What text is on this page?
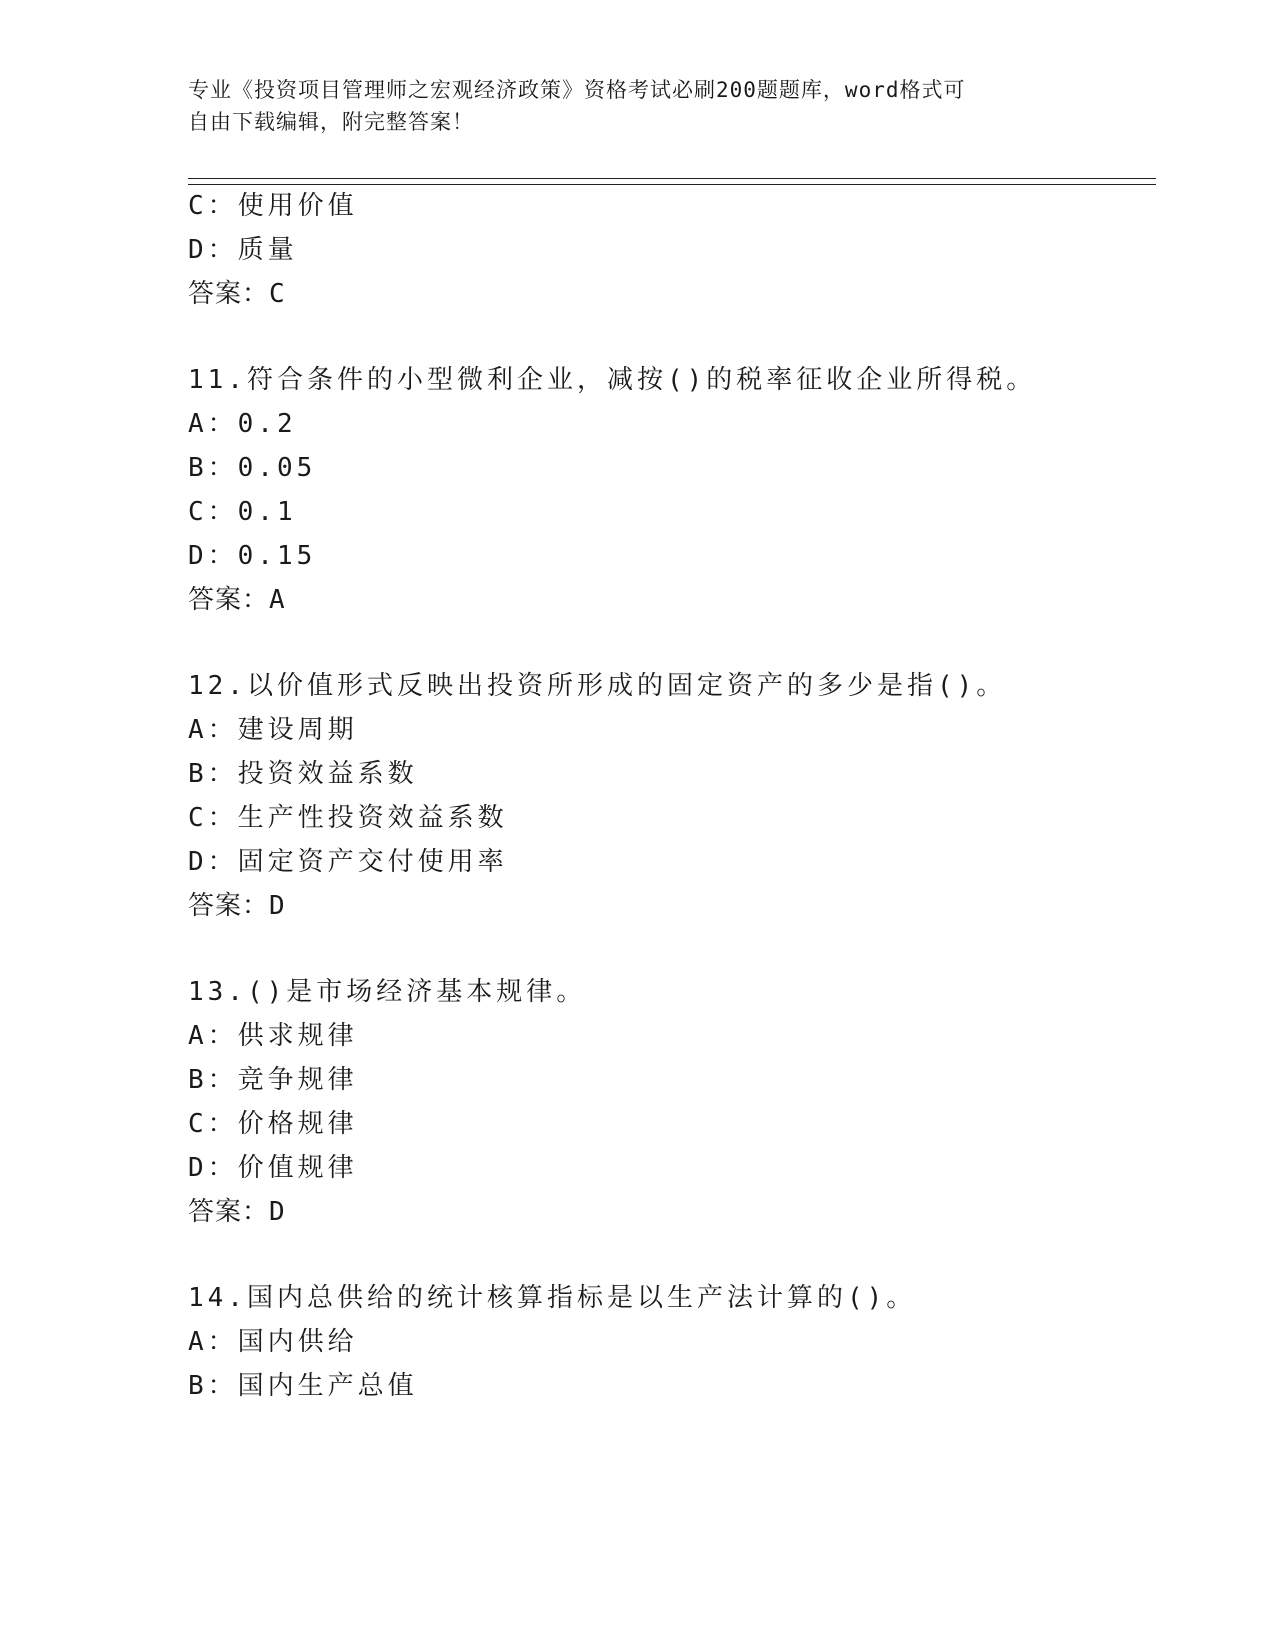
专业《投资项目管理师之宏观经济政策》资格考试必刷200题题库，word格式可
自由下载编辑，附完整答案！
C：使用价值
D：质量
答案：C
11.符合条件的小型微利企业，减按()的税率征收企业所得税。
A：0.2
B：0.05
C：0.1
D：0.15
答案：A
12.以价值形式反映出投资所形成的固定资产的多少是指()。
A：建设周期
B：投资效益系数
C：生产性投资效益系数
D：固定资产交付使用率
答案：D
13.()是市场经济基本规律。
A：供求规律
B：竞争规律
C：价格规律
D：价值规律
答案：D
14.国内总供给的统计核算指标是以生产法计算的()。
A：国内供给
B：国内生产总值
